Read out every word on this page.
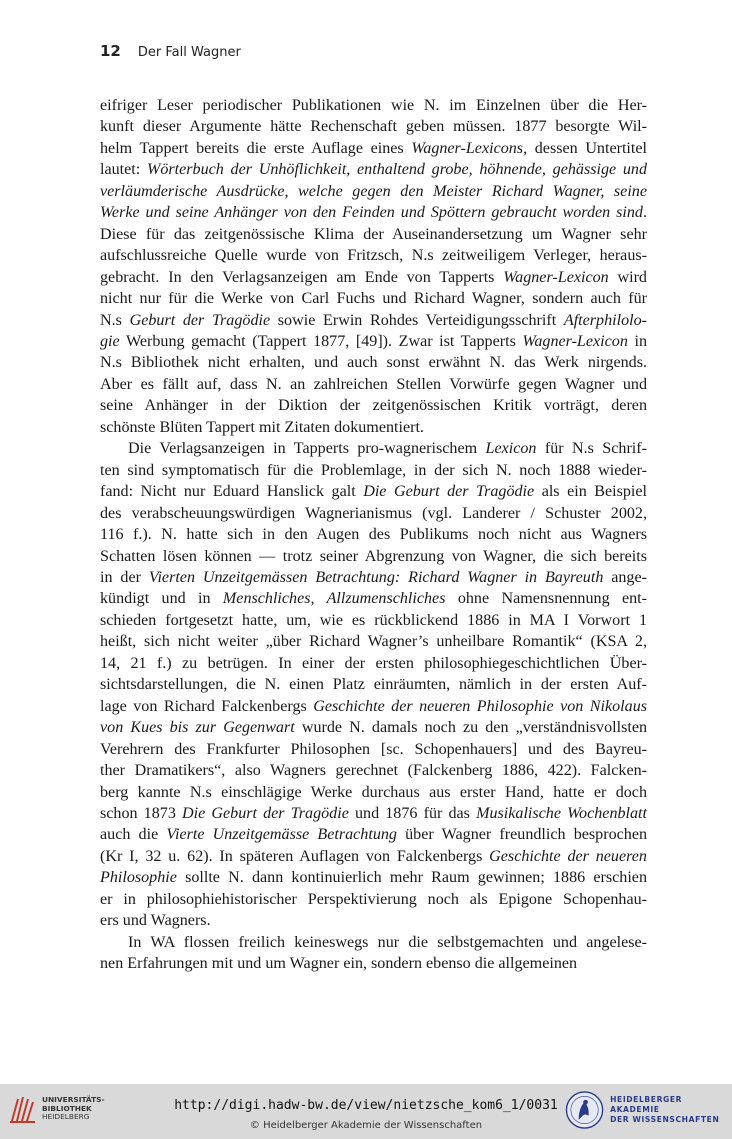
12 Der Fall Wagner

eifriger Leser periodischer Publikationen wie N. im Einzelnen über die Her-
kunft dieser Argumente hätte Rechenschaft geben müssen. 1877 besorgte Wil-
helm Tappert bereits die erste Auflage eines Wagner-Lexicons, dessen Untertitel
lautet: Wörterbuch der Unhöflichkeit, enthaltend grobe, höhnende, gehässige und
verläumderische Ausdrücke, welche gegen den Meister Richard Wagner, seine
Werke und seine Anhänger von den Feinden und Spöttern gebraucht worden sind.
Diese für das zeitgenössische Klima der Auseinandersetzung um Wagner sehr
aufschlussreiche Quelle wurde von Fritzsch, N.s zeitweiligem Verleger, heraus-
gebracht. In den Verlagsanzeigen am Ende von Tapperts Wagner-Lexicon wird
nicht nur für die Werke von Carl Fuchs und Richard Wagner, sondern auch für
N.s Geburt der Tragödie sowie Erwin Rohdes Verteidigungsschrift Afterphilolo-
gie Werbung gemacht (Tappert 1877, [49]). Zwar ist Tapperts Wagner-Lexicon in
N.s Bibliothek nicht erhalten, und auch sonst erwähnt N. das Werk nirgends.
Aber es fällt auf, dass N. an zahlreichen Stellen Vorwürfe gegen Wagner und
seine Anhänger in der Diktion der zeitgenössischen Kritik vorträgt, deren
schönste Blüten Tappert mit Zitaten dokumentiert.

Die Verlagsanzeigen in Tapperts pro-wagnerischem Lexicon für N.s Schrif-
ten sind symptomatisch für die Problemlage, in der sich N. noch 1888 wieder-
fand: Nicht nur Eduard Hanslick galt Die Geburt der Tragödie als ein Beispiel
des verabscheuungswürdigen Wagnerianismus (vgl. Landerer / Schuster 2002,
116 f.). N. hatte sich in den Augen des Publikums noch nicht aus Wagners
Schatten lösen können — trotz seiner Abgrenzung von Wagner, die sich bereits
in der Vierten Unzeitgemässen Betrachtung: Richard Wagner in Bayreuth ange-
kündigt und in Menschliches, Allzumenschliches ohne Namensnennung ent-
schieden fortgesetzt hatte, um, wie es rückblickend 1886 in MA I Vorwort 1
heißt, sich nicht weiter „über Richard Wagner’s unheilbare Romantik“ (KSA 2,
14, 21 f.) zu betrügen. In einer der ersten philosophiegeschichtlichen Über-
sichtsdarstellungen, die N. einen Platz einräumten, nämlich in der ersten Auf-
lage von Richard Falckenbergs Geschichte der neueren Philosophie von Nikolaus
von Kues bis zur Gegenwart wurde N. damals noch zu den „verständnisvollsten
Verehrern des Frankfurter Philosophen [sc. Schopenhauers] und des Bayreu-
ther Dramatikers“, also Wagners gerechnet (Falckenberg 1886, 422). Falcken-
berg kannte N.s einschlägige Werke durchaus aus erster Hand, hatte er doch
schon 1873 Die Geburt der Tragödie und 1876 für das Musikalische Wochenblatt
auch die Vierte Unzeitgemässe Betrachtung über Wagner freundlich besprochen
(Kr I, 32 u. 62). In späteren Auflagen von Falckenbergs Geschichte der neueren
Philosophie sollte N. dann kontinuierlich mehr Raum gewinnen; 1886 erschien
er in philosophiehistorischer Perspektivierung noch als Epigone Schopenhau-
ers und Wagners.

In WA flossen freilich keineswegs nur die selbstgemachten und angelese-
nen Erfahrungen mit und um Wagner ein, sondern ebenso die allgemeinen

UNIVERSITÄTS-
BIBLIOTHEK
HEIDELBERG
http://digi.hadw-bw.de/view/nietzsche_kom6_1/0031
© Heidelberger Akademie der Wissenschaften
HEIDELBERGER AKADEMIE
DER WISSENSCHAFTEN
